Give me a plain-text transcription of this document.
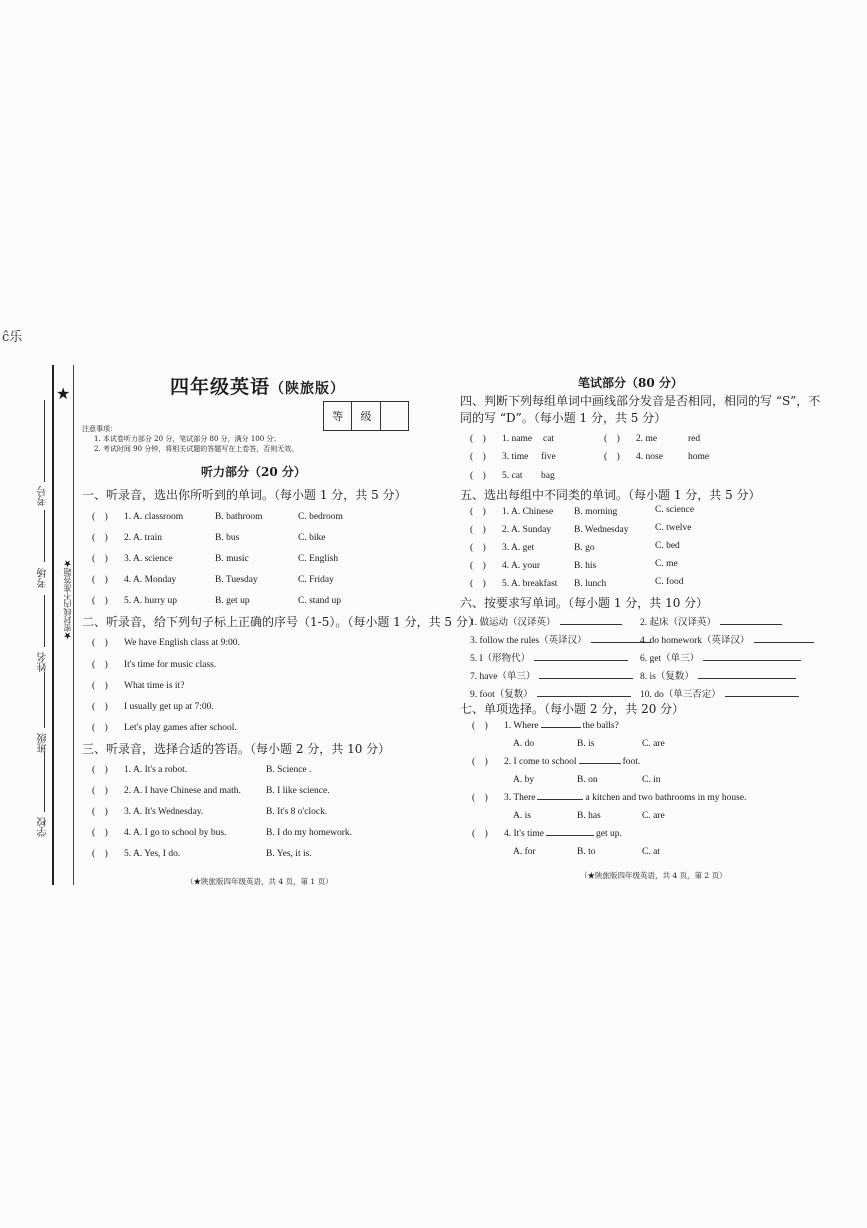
ĉ乐
★
考号
考场
姓名
班级
学校
★密封线内不准答题★
四年级英语（陕旅版）
等	级
注意事项：
1. 本试卷听力部分 20 分，笔试部分 80 分，满分 100 分；
2. 考试时间 90 分钟，将相关试题的答题写在上卷答，否则无效。
听力部分（20 分）
一、听录音，选出你所听到的单词。（每小题 1 分，共 5 分）
(    ) 1. A. classroom	B. bathroom	C. bedroom
(    ) 2. A. train	B. bus	C. bike
(    ) 3. A. science	B. music	C. English
(    ) 4. A. Monday	B. Tuesday	C. Friday
(    ) 5. A. hurry up	B. get up	C. stand up
二、听录音，给下列句子标上正确的序号（1-5）。（每小题 1 分，共 5 分）
(    ) We have English class at 9:00.
(    ) It's time for music class.
(    ) What time is it?
(    ) I usually get up at 7:00.
(    ) Let's play games after school.
三、听录音，选择合适的答语。（每小题 2 分，共 10 分）
(    ) 1. A. It's a robot.	B. Science .
(    ) 2. A. I have Chinese and math.	B. I like science.
(    ) 3. A. It's Wednesday.	B. It's 8 o'clock.
(    ) 4. A. I go to school by bus.	B. I do my homework.
(    ) 5. A. Yes, I do.	B. Yes, it is.
（★陕旅版四年级英语，共 4 页，第 1 页）
笔试部分（80 分）
四、判断下列每组单词中画线部分发音是否相同，相同的写 “S”，不同的写 “D”。（每小题 1 分，共 5 分）
(    ) 1. name cat	(    ) 2. me	red
(    ) 3. time five	(    ) 4. nose	home
(    ) 5. cat bag
五、选出每组中不同类的单词。（每小题 1 分，共 5 分）
(    ) 1. A. Chinese B. morning	C. science
(    ) 2. A. Sunday B. Wednesday	C. twelve
(    ) 3. A. get	B. go	C. bed
(    ) 4. A. your	B. his	C. me
(    ) 5. A. breakfast B. lunch	C. food
六、按要求写单词。（每小题 1 分，共 10 分）
1. 做运动（汉译英）	2. 起床（汉译英）
3. follow the rules（英译汉）	4. do homework（英译汉）
5. I（形物代）	6. get（单三）
7. have（单三）	8. is（复数）
9. foot（复数）	10. do（单三否定）
七、单项选择。（每小题 2 分，共 20 分）
(    ) 1. Where	the balls?
A. do	B. is	C. are
(    ) 2. I come to school	foot.
A. by	B. on	C. in
(    ) 3. There	a kitchen and two bathrooms in my house.
A. is	B. has	C. are
(    ) 4. It's time	get up.
A. for	B. to	C. at
（★陕旅版四年级英语，共 4 页，第 2 页）
